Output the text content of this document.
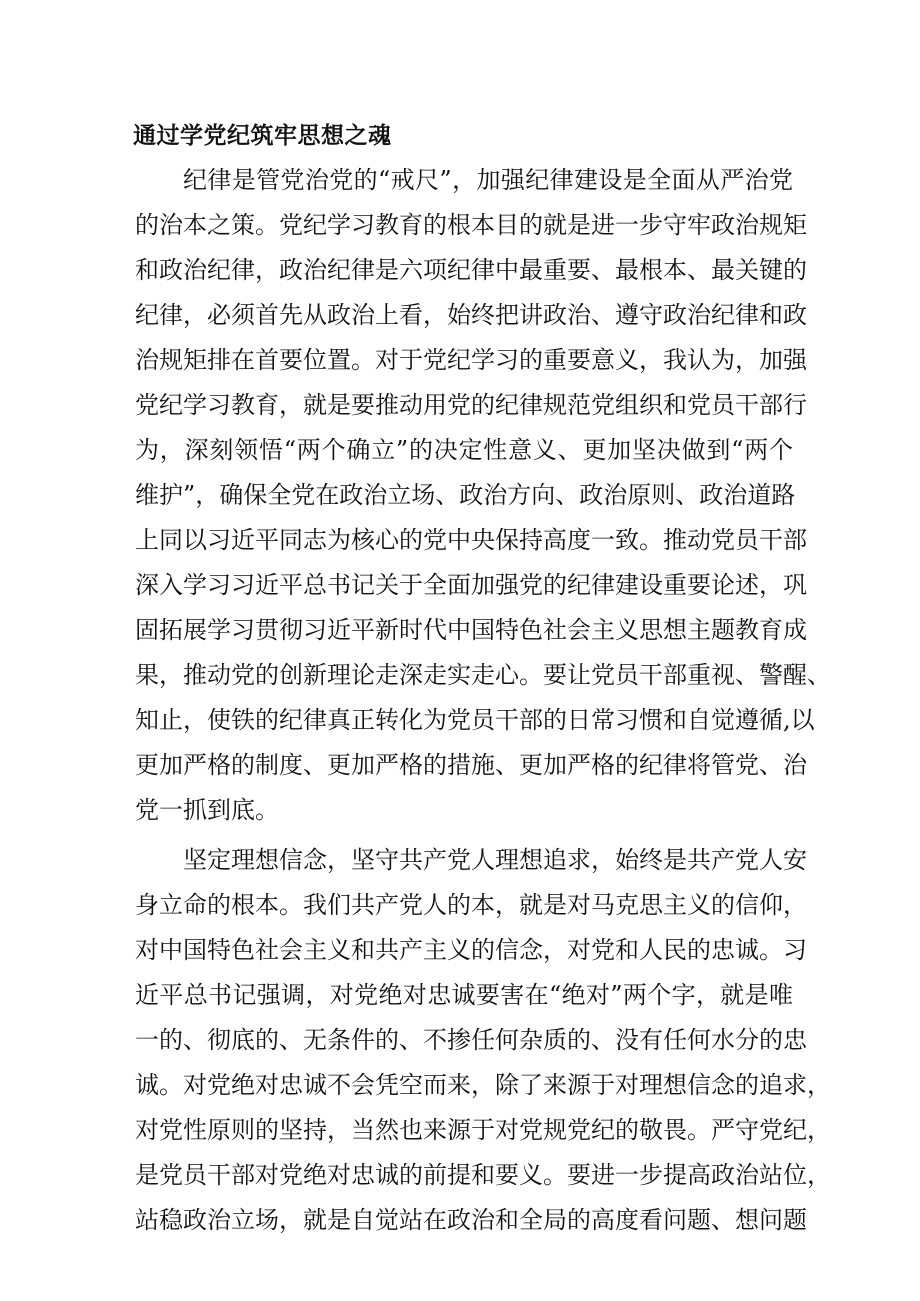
通过学党纪筑牢思想之魂
纪律是管党治党的“戒尺”，加强纪律建设是全面从严治党
的治本之策。党纪学习教育的根本目的就是进一步守牢政治规矩
和政治纪律，政治纪律是六项纪律中最重要、最根本、最关键的
纪律，必须首先从政治上看，始终把讲政治、遵守政治纪律和政
治规矩排在首要位置。对于党纪学习的重要意义，我认为，加强
党纪学习教育，就是要推动用党的纪律规范党组织和党员干部行
为，深刻领悟“两个确立”的决定性意义、更加坚决做到“两个
维护”，确保全党在政治立场、政治方向、政治原则、政治道路
上同以习近平同志为核心的党中央保持高度一致。推动党员干部
深入学习习近平总书记关于全面加强党的纪律建设重要论述，巩
固拓展学习贯彻习近平新时代中国特色社会主义思想主题教育成
果，推动党的创新理论走深走实走心。要让党员干部重视、警醒、
知止，使铁的纪律真正转化为党员干部的日常习惯和自觉遵循,以
更加严格的制度、更加严格的措施、更加严格的纪律将管党、治
党一抓到底。
坚定理想信念，坚守共产党人理想追求，始终是共产党人安
身立命的根本。我们共产党人的本，就是对马克思主义的信仰，
对中国特色社会主义和共产主义的信念，对党和人民的忠诚。习
近平总书记强调，对党绝对忠诚要害在“绝对”两个字，就是唯
一的、彻底的、无条件的、不掺任何杂质的、没有任何水分的忠
诚。对党绝对忠诚不会凭空而来，除了来源于对理想信念的追求，
对党性原则的坚持，当然也来源于对党规党纪的敬畏。严守党纪，
是党员干部对党绝对忠诚的前提和要义。要进一步提高政治站位，
站稳政治立场，就是自觉站在政治和全局的高度看问题、想问题
